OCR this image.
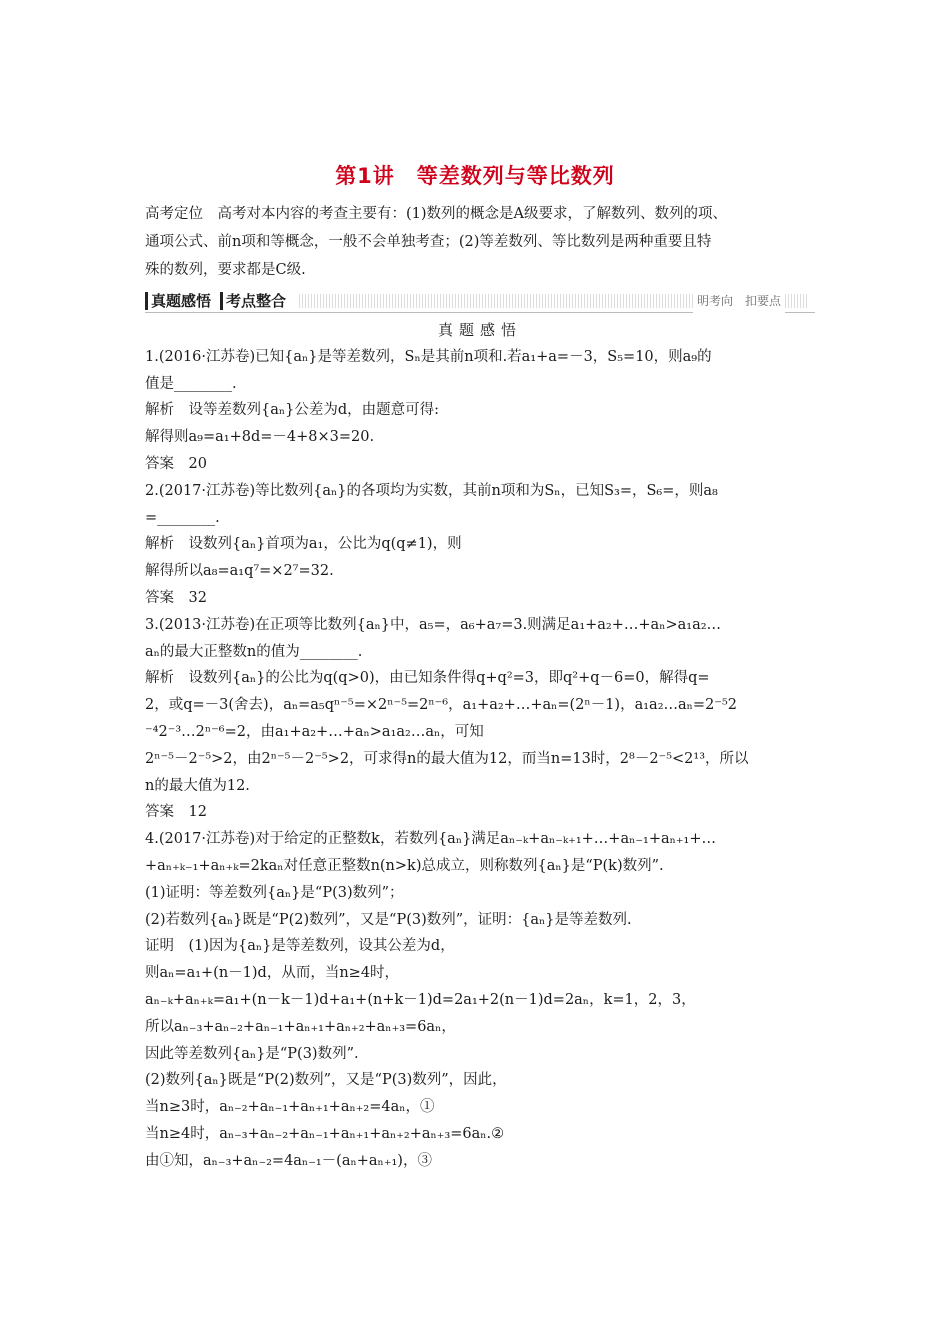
第1讲　等差数列与等比数列
高考定位　高考对本内容的考查主要有：(1)数列的概念是A级要求，了解数列、数列的项、
通项公式、前n项和等概念，一般不会单独考查；(2)等差数列、等比数列是两种重要且特
殊的数列，要求都是C级.
真题感悟	考点整合	明考向　扣要点
真题感悟
1.(2016·江苏卷)已知{aₙ}是等差数列，Sₙ是其前n项和.若a₁+a=－3，S₅=10，则a₉的
值是________.
解析　设等差数列{aₙ}公差为d，由题意可得:
解得则a₉=a₁+8d=－4+8×3=20.
答案　20
2.(2017·江苏卷)等比数列{aₙ}的各项均为实数，其前n项和为Sₙ，已知S₃=，S₆=，则a₈
=________.
解析　设数列{aₙ}首项为a₁，公比为q(q≠1)，则
解得所以a₈=a₁q⁷=×2⁷=32.
答案　32
3.(2013·江苏卷)在正项等比数列{aₙ}中，a₅=，a₆+a₇=3.则满足a₁+a₂+…+aₙ>a₁a₂…
aₙ的最大正整数n的值为________.
解析　设数列{aₙ}的公比为q(q>0)，由已知条件得q+q²=3，即q²+q－6=0，解得q=
2，或q=－3(舍去)，aₙ=a₅qⁿ⁻⁵=×2ⁿ⁻⁵=2ⁿ⁻⁶，a₁+a₂+…+aₙ=(2ⁿ－1)，a₁a₂…aₙ=2⁻⁵2
⁻⁴2⁻³…2ⁿ⁻⁶=2，由a₁+a₂+…+aₙ>a₁a₂…aₙ，可知
2ⁿ⁻⁵－2⁻⁵>2，由2ⁿ⁻⁵－2⁻⁵>2，可求得n的最大值为12，而当n=13时，2⁸－2⁻⁵<2¹³，所以
n的最大值为12.
答案　12
4.(2017·江苏卷)对于给定的正整数k，若数列{aₙ}满足aₙ₋ₖ+aₙ₋ₖ₊₁+…+aₙ₋₁+aₙ₊₁+…
+aₙ₊ₖ₋₁+aₙ₊ₖ=2kaₙ对任意正整数n(n>k)总成立，则称数列{aₙ}是“P(k)数列”.
(1)证明：等差数列{aₙ}是“P(3)数列”；
(2)若数列{aₙ}既是“P(2)数列”，又是“P(3)数列”，证明：{aₙ}是等差数列.
证明　(1)因为{aₙ}是等差数列，设其公差为d，
则aₙ=a₁+(n－1)d，从而，当n≥4时，
aₙ₋ₖ+aₙ₊ₖ=a₁+(n－k－1)d+a₁+(n+k－1)d=2a₁+2(n－1)d=2aₙ，k=1，2，3，
所以aₙ₋₃+aₙ₋₂+aₙ₋₁+aₙ₊₁+aₙ₊₂+aₙ₊₃=6aₙ，
因此等差数列{aₙ}是“P(3)数列”.
(2)数列{aₙ}既是“P(2)数列”，又是“P(3)数列”，因此，
当n≥3时，aₙ₋₂+aₙ₋₁+aₙ₊₁+aₙ₊₂=4aₙ，①
当n≥4时，aₙ₋₃+aₙ₋₂+aₙ₋₁+aₙ₊₁+aₙ₊₂+aₙ₊₃=6aₙ.②
由①知，aₙ₋₃+aₙ₋₂=4aₙ₋₁－(aₙ+aₙ₊₁)，③
